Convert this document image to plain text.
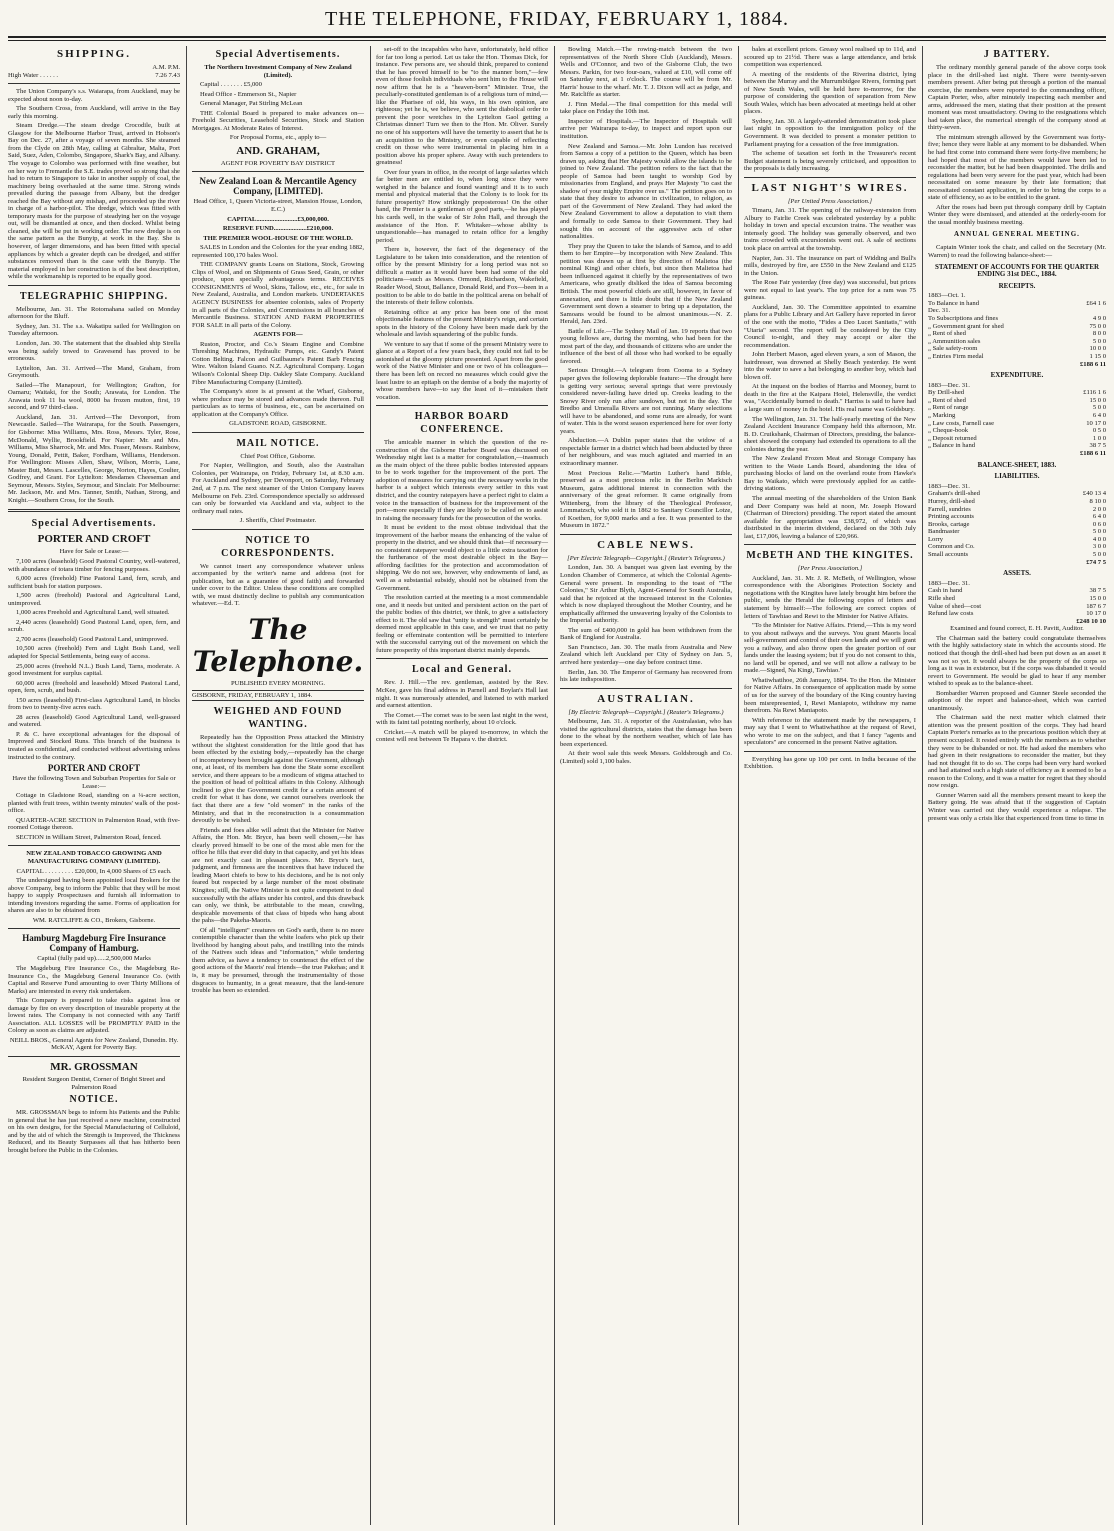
THE TELEPHONE, FRIDAY, FEBRUARY 1, 1884.
SHIPPING.
A.M. P.M.
High Water . . . . . .	7.26 7.43

The Union Company's s.s. Waiarapa, from Auckland, may be expected about noon to-day.

The Southern Cross, from Auckland, will arrive in the Bay early this morning.

Steam Dredge.—The steam dredge Crocodile, built at Glasgow for the Melbourne Harbor Trust, arrived in Hobson's Bay on Dec. 27, after a voyage of seven months. She steamed from the Clyde on 28th May, calling at Gibraltar, Malta, Port Said, Suez, Aden, Colombo, Singapore, Shark's Bay, and Albany. The voyage to Colombo was performed with fine weather, but on her way to Fremantle the S.E. trades proved so strong that she had to return to Singapore to take in another supply of coal, the machinery being overhauled at the same time. Strong winds prevailed during the passage from Albany, but the dredger reached the Bay without any mishap, and proceeded up the river in charge of a harbor-pilot. The dredge, which was fitted with temporary masts for the purpose of steadying her on the voyage out, will be dismantled at once, and then docked. Whilst being cleaned, she will be put in working order. The new dredge is on the same pattern as the Bunyip, at work in the Bay. She is however, of larger dimensions, and has been fitted with special appliances by which a greater depth can be dredged, and stiffer substances removed than is the case with the Bunyip. The material employed in her construction is of the best description, while the workmanship is reported to be equally good.

TELEGRAPHIC SHIPPING.

Melbourne, Jan. 31. The Rotomahana sailed on Monday afternoon for the Bluff.

Sydney, Jan. 31. The s.s. Wakatipu sailed for Wellington on Tuesday afternoon.

London, Jan. 30. The statement that the disabled ship Sirella was being safely towed to Gravesend has proved to be erroneous.

Lyttelton, Jan. 31. Arrived—The Mand, Graham, from Greymouth.

Sailed—The Manapouri, for Wellington; Grafton, for Oamaru; Waitaki, for the South; Arawata, for London. The Arawata took 11 ba wool, 8000 ba frozen mutton, first, 19 second, and 97 third-class.

Auckland, Jan. 31. Arrived—The Devonport, from Newcastle. Sailed—The Wairarapa, for the South. Passengers, for Gisborne: Miss Williams, Mrs. Ross, Messrs. Tyler, Rose, McDonald, Wyllie, Brookfield. For Napier: Mr. and Mrs. Williams, Miss Sharrock, Mr. and Mrs. Fraser, Messrs. Rainbow, Young, Donald, Pettit, Baker, Fordham, Williams, Henderson. For Wellington: Misses Allen, Shaw, Wilson, Morris, Lane, Master Butt, Messrs. Lascelles, George, Norton, Hayes, Coulter, Godfrey, and Grant. For Lyttelton: Mesdames Cheeseman and Seymour, Messrs. Styles, Seymour, and Sinclair. For Melbourne: Mr. Jackson, Mr. and Mrs. Tanner, Smith, Nathan, Strong, and Knight.—Southern Cross, for the South.

Special Advertisements.
PORTER AND CROFT

Have for Sale or Lease:—

7,100 acres (leasehold) Good Pastoral Country, well-watered, with abundance of totara timber for fencing purposes.

6,000 acres (freehold) Fine Pastoral Land, fern, scrub, and sufficient bush for station purposes.

1,500 acres (freehold) Pastoral and Agricultural Land, unimproved.

1,000 acres Freehold and Agricultural Land, well situated.

2,440 acres (leasehold) Good Pastoral Land, open, fern, and scrub.

2,700 acres (leasehold) Good Pastoral Land, unimproved.

10,500 acres (freehold) Fern and Light Bush Land, well adapted for Special Settlements, being easy of access.

25,000 acres (freehold N.L.) Bush Land, Tarns, moderate. A good investment for surplus capital.

60,000 acres (freehold and leasehold) Mixed Pastoral Land, open, fern, scrub, and bush.

150 acres (leasehold) First-class Agricultural Land, in blocks from two to twenty-five acres each.

28 acres (leasehold) Good Agricultural Land, well-grassed and watered.

P. & C. have exceptional advantages for the disposal of Improved and Stocked Runs. This branch of the business is treated as confidential, and conducted without advertising unless instructed to the contrary.

PORTER AND CROFT

Have the following Town and Suburban Properties for Sale or Lease:—

Cottage in Gladstone Road, standing on a ¼-acre section, planted with fruit trees, within twenty minutes' walk of the post-office.

QUARTER-ACRE SECTION in Palmerston Road, with five-roomed Cottage thereon.

SECTION in William Street, Palmerston Road, fenced.

NEW ZEALAND TOBACCO GROWING AND MANUFACTURING COMPANY (LIMITED).

CAPITAL . . . . . . . . . £20,000, In 4,000 Shares of £5 each.

The undersigned having been appointed local Brokers for the above Company, beg to inform the Public that they will be most happy to supply Prospectuses and furnish all information to intending investors regarding the same. Forms of application for shares are also to be obtained from

WM. RATCLIFFE & CO., Brokers, Gisborne.

Hamburg Magdeburg Fire Insurance Company of Hamburg.

Capital (fully paid up)......2,500,000 Marks

The Magdeburg Fire Insurance Co., the Magdeburg Re-Insurance Co., the Magdeburg General Insurance Co. (with Capital and Reserve Fund amounting to over Thirty Millions of Marks) are interested in every risk undertaken.

This Company is prepared to take risks against loss or damage by fire on every description of insurable property at the lowest rates. The Company is not connected with any Tariff Association. ALL LOSSES will be PROMPTLY PAID in the Colony as soon as claims are adjusted.

NEILL BROS., General Agents for New Zealand, Dunedin. Hy. McKAY, Agent for Poverty Bay.

MR. GROSSMAN

Resident Surgeon Dentist, Corner of Bright Street and Palmerston Road

NOTICE.

MR. GROSSMAN begs to inform his Patients and the Public in general that he has just received a new machine, constructed on his own designs, for the Special Manufacturing of Celluloid, and by the aid of which the Strength is Improved, the Thickness Reduced, and its Beauty Surpasses all that has hitherto been brought before the Public in the Colonies.

Special Advertisements.

The Northern Investment Company of New Zealand (Limited).

Capital . . . . . . . £5,000

Head Office - Emmerson St., Napier

General Manager, Pat Stirling McLean

THE Colonial Board is prepared to make advances on— Freehold Securities, Leasehold Securities, Stock and Station Mortgages. At Moderate Rates of Interest.

For Proposal Forms, etc., apply to—

AND. GRAHAM,

AGENT FOR POVERTY BAY DISTRICT

New Zealand Loan & Mercantile Agency Company, [LIMITED].

Head Office, 1, Queen Victoria-street, Mansion House, London, E.C.)

CAPITAL.........................£3,000,000.

RESERVE FUND....................£210,000.

THE PREMIER WOOL-HOUSE OF THE WORLD.

SALES in London and the Colonies for the year ending 1882, represented 100,170 bales Wool.

THE COMPANY grants Loans on Stations, Stock, Growing Clips of Wool, and on Shipments of Grass Seed, Grain, or other produce, upon specially advantageous terms. RECEIVES CONSIGNMENTS of Wool, Skins, Tallow, etc., etc., for sale in New Zealand, Australia, and London markets. UNDERTAKES AGENCY BUSINESS for absentee colonists, sales of Property in all parts of the Colonies, and Commissions in all branches of Mercantile Business. STATION AND FARM PROPERTIES FOR SALE in all parts of the Colony.

AGENTS FOR—

Ruston, Proctor, and Co.'s Steam Engine and Combine Threshing Machines, Hydraulic Pumps, etc. Gandy's Patent Cotton Belting. Falcon and Guilbaume's Patent Barb Fencing Wire. Walton Island Guano. N.Z. Agricultural Company. Logan Wilson's Colonial Sheep Dip. Oakley Slate Company. Auckland Fibre Manufacturing Company (Limited).

The Company's store is at present at the Wharf, Gisborne, where produce may be stored and advances made thereon. Full particulars as to terms of business, etc., can be ascertained on application at the Company's Office.

GLADSTONE ROAD, GISBORNE.

MAIL NOTICE.

Chief Post Office, Gisborne.

For Napier, Wellington, and South, also the Australian Colonies, per Wairarapa, on Friday, February 1st, at 8.30 a.m. For Auckland and Sydney, per Devonport, on Saturday, February 2nd, at 7 p.m. The next steamer of the Union Company leaves Melbourne on Feb. 23rd. Correspondence specially so addressed can only be forwarded via Auckland and via, subject to the ordinary mail rates.

J. Sheriffs, Chief Postmaster.

NOTICE TO CORRESPONDENTS.

We cannot insert any correspondence whatever unless accompanied by the writer's name and address (not for publication, but as a guarantee of good faith) and forwarded under cover to the Editor. Unless these conditions are complied with, we must distinctly decline to publish any communication whatever.—Ed. T.

The Telephone.

PUBLISHED EVERY MORNING.

GISBORNE, FRIDAY, FEBRUARY 1, 1884.
WEIGHED AND FOUND WANTING.

Repeatedly has the Opposition Press attacked the Ministry without the slightest consideration for the little good that has been effected by the existing body,—repeatedly has the charge of incompetency been brought against the Government, although one, at least, of its members has done the State some excellent service, and there appears to be a modicum of stigma attached to the position of head of political affairs in this Colony. Although inclined to give the Government credit for a certain amount of credit for what it has done, we cannot ourselves overlook the fact that there are a few "old women" in the ranks of the Ministry, and that in the reconstruction is a consummation devoutly to be wished.

Friends and foes alike will admit that the Minister for Native Affairs, the Hon. Mr. Bryce, has been well chosen,—he has clearly proved himself to be one of the most able men for the office he fills that ever did duty in that capacity, and yet his ideas are not exactly cast in pleasant places. Mr. Bryce's tact, judgment, and firmness are the incentives that have induced the leading Maori chiefs to bow to his decisions, and he is not only feared but respected by a large number of the most obstinate Kingites; still, the Native Minister is not quite competent to deal successfully with the affairs under his control, and this drawback can only, we think, be attributable to the mean, crawling, despicable movements of that class of bipeds who hang about the pahs—the Pakeha-Maoris.

Of all "intelligent" creatures on God's earth, there is no more contemptible character than the white loafers who pick up their livelihood by hanging about pahs, and instilling into the minds of the Natives such ideas and "information," while tendering them advice, as have a tendency to counteract the effect of the good actions of the Maoris' real friends—the true Pakehas; and it is, it may be presumed, through the instrumentality of those disgraces to humanity, in a great measure, that the land-tenure trouble has been so extended.

set-off to the incapables who have, unfortunately, held office for far too long a period. Let us take the Hon. Thomas Dick, for instance. Few persons are, we should think, prepared to contend that he has proved himself to be "to the manner born,"—few even of those foolish individuals who sent him to the House will now affirm that he is a "heaven-born" Minister. True, the peculiarly-constituted gentleman is of a religious turn of mind,—like the Pharisee of old, his ways, in his own opinion, are righteous; yet he is, we believe, who sent the diabolical order to prevent the poor wretches in the Lyttelton Gaol getting a Christmas dinner! Turn we then to the Hon. Mr. Oliver. Surely no one of his supporters will have the temerity to assert that he is an acquisition to the Ministry, or even capable of reflecting credit on those who were instrumental in placing him in a position above his proper sphere. Away with such pretenders to greatness!

Over four years in office, in the receipt of large salaries which far better men are entitled to, when long since they were weighed in the balance and found wanting! and it is to such mental and physical material that the Colony is to look for its future prosperity? How strikingly preposterous! On the other hand, the Premier is a gentleman of good parts,—he has played his cards well, in the wake of Sir John Hall, and through the assistance of the Hon. F. Whitaker—whose ability is unquestionable—has managed to retain office for a lengthy period.

There is, however, the fact of the degeneracy of the Legislature to be taken into consideration, and the retention of office by the present Ministry for a long period was not so difficult a matter as it would have been had some of the old politicians—such as Messrs. Ormond, Richardson, Wakefield, Reader Wood, Stout, Ballance, Donald Reid, and Fox—been in a position to be able to do battle in the political arena on behalf of the interests of their fellow colonists.

Retaining office at any price has been one of the most objectionable features of the present Ministry's reign, and certain spots in the history of the Colony have been made dark by the wholesale and lavish squandering of the public funds.

We venture to say that if some of the present Ministry were to glance at a Report of a few years back, they could not fail to be astonished at the gloomy picture presented. Apart from the good work of the Native Minister and one or two of his colleagues—there has been left on record no measures which could give the least lustre to an epitaph on the demise of a body the majority of whose members have—to say the least of it—mistaken their vocation.

HARBOR BOARD CONFERENCE.

The amicable manner in which the question of the re-construction of the Gisborne Harbor Board was discussed on Wednesday night last is a matter for congratulation,—inasmuch as the main object of the three public bodies interested appears to be to work together for the improvement of the port. The adoption of measures for carrying out the necessary works in the harbor is a subject which interests every settler in this vast district, and the country ratepayers have a perfect right to claim a voice in the transaction of business for the improvement of the port—more especially if they are likely to be called on to assist in raising the necessary funds for the prosecution of the works.

It must be evident to the most obtuse individual that the improvement of the harbor means the enhancing of the value of property in the district, and we should think that—if necessary—no consistent ratepayer would object to a little extra taxation for the furtherance of the most desirable object in the Bay—affording facilities for the protection and accommodation of shipping. We do not see, however, why endowments of land, as well as a substantial subsidy, should not be obtained from the Government.

The resolution carried at the meeting is a most commendable one, and it needs but united and persistent action on the part of the public bodies of this district, we think, to give a satisfactory effect to it. The old saw that "unity is strength" must certainly be deemed most applicable in this case, and we trust that no petty feeling or effeminate contention will be permitted to interfere with the successful carrying out of the movement on which the future prosperity of this important district mainly depends.

Local and General.

Rev. J. Hill.—The rev. gentleman, assisted by the Rev. McKee, gave his final address in Parnell and Boylan's Hall last night. It was numerously attended, and listened to with marked and earnest attention.

The Comet.—The comet was to be seen last night in the west, with its faint tail pointing northerly, about 10 o'clock.

Cricket.—A match will be played to-morrow, in which the contest will rest between Te Hapara v. the district.

Bowling Match.—The rowing-match between the two representatives of the North Shore Club (Auckland), Messrs. Wells and O'Connor, and two of the Gisborne Club, the two Messrs. Parkin, for two four-oars, valued at £10, will come off on Saturday next, at 1 o'clock. The course will be from Mr. Harris' house to the wharf. Mr. T. J. Dixon will act as judge, and Mr. Ratcliffe as starter.

J. Finn Medal.—The final competition for this medal will take place on Friday the 10th inst.

Inspector of Hospitals.—The Inspector of Hospitals will arrive per Wairarapa to-day, to inspect and report upon our institution.

New Zealand and Samoa.—Mr. John Lundon has received from Samoa a copy of a petition to the Queen, which has been drawn up, asking that Her Majesty would allow the islands to be joined to New Zealand. The petition refers to the fact that the people of Samoa had been taught to worship God by missionaries from England, and prays Her Majesty "to cast the shadow of your mighty Empire over us." The petition goes on to state that they desire to advance in civilization, to religion, as part of the Government of New Zealand. They had asked the New Zealand Government to allow a deputation to visit them and formally to cede Samoa to their Government. They had sought this on account of the aggressive acts of other nationalities.

They pray the Queen to take the islands of Samoa, and to add them to her Empire—by incorporation with New Zealand. This petition was drawn up at first by direction of Malietoa (the nominal King) and other chiefs, but since then Malietoa had been influenced against it chiefly by the representatives of two Americans, who greatly disliked the idea of Samoa becoming British. The most powerful chiefs are still, however, in favor of annexation, and there is little doubt that if the New Zealand Government sent down a steamer to bring up a deputation, the Samoans would be found to be almost unanimous.—N. Z. Herald, Jan. 23rd.

Battle of Life.—The Sydney Mail of Jan. 19 reports that two young fellows are, during the morning, who had been for the most part of the day, and thousands of citizens who are under the influence of the best of all those who had worked to be equally favored.

Serious Drought.—A telegram from Cooma to a Sydney paper gives the following deplorable feature:—The drought here is getting very serious; several springs that were previously considered never-failing have dried up. Creeks leading to the Snowy River only run after sundown, but not in the day. The Bredbo and Umeralla Rivers are not running. Many selections will have to be abandoned, and some runs are already, for want of water. This is the worst season experienced here for over forty years.

Abduction.—A Dublin paper states that the widow of a respectable farmer in a district which had been abducted by three of her neighbours, and was much agitated and married in an extraordinary manner.

Most Precious Relic.—"Martin Luther's hand Bible, preserved as a most precious relic in the Berlin Markisch Museum, gains additional interest in connection with the anniversary of the great reformer. It came originally from Wittenberg, from the library of the Theological Professor, Lommatzsch, who sold it in 1862 to Sanitary Councillor Lotze, of Koethen, for 9,000 marks and a fee. It was presented to the Museum in 1872."

CABLE NEWS.
[Per Electric Telegraph—Copyright.] (Reuter's Telegrams.)

London, Jan. 30. A banquet was given last evening by the London Chamber of Commerce, at which the Colonial Agents-General were present. In responding to the toast of "The Colonies," Sir Arthur Blyth, Agent-General for South Australia, said that he rejoiced at the increased interest in the Colonies which is now displayed throughout the Mother Country, and he emphatically affirmed the unwavering loyalty of the Colonists to the Imperial authority.

The sum of £400,000 in gold has been withdrawn from the Bank of England for Australia.

San Francisco, Jan. 30. The mails from Australia and New Zealand which left Auckland per City of Sydney on Jan. 5, arrived here yesterday—one day before contract time.

Berlin, Jan. 30. The Emperor of Germany has recovered from his late indisposition.

AUSTRALIAN.
[By Electric Telegraph—Copyright.] (Reuter's Telegrams.)

Melbourne, Jan. 31. A reporter of the Australasian, who has visited the agricultural districts, states that the damage has been done to the wheat by the northern weather, which of late has been experienced.

At their wool sale this week Messrs. Goldsbrough and Co. (Limited) sold 1,100 bales.

bales at excellent prices. Greasy wool realised up to 11d, and scoured up to 21½d. There was a large attendance, and brisk competition was experienced.

A meeting of the residents of the Riverina district, lying between the Murray and the Murrumbidgee Rivers, forming part of New South Wales, will be held here to-morrow, for the purpose of considering the question of separation from New South Wales, which has been advocated at meetings held at other places.

Sydney, Jan. 30. A largely-attended demonstration took place last night in opposition to the immigration policy of the Government. It was decided to present a monster petition to Parliament praying for a cessation of the free immigration.

The scheme of taxation set forth in the Treasurer's recent Budget statement is being severely criticised, and opposition to the proposals is daily increasing.

LAST NIGHT'S WIRES.
[Per United Press Association.]

Timaru, Jan. 31. The opening of the railway-extension from Albury to Fairlie Creek was celebrated yesterday by a public holiday in town and special excursion trains. The weather was intensely good. The holiday was generally observed, and two trains crowded with excursionists went out. A sale of sections took place on arrival at the township.

Napier, Jan. 31. The insurance on part of Widding and Bull's mills, destroyed by fire, are £550 in the New Zealand and £125 in the Union.

The Rose Fair yesterday (free day) was successful, but prices were not equal to last year's. The top price for a ram was 75 guineas.

Auckland, Jan. 30. The Committee appointed to examine plans for a Public Library and Art Gallery have reported in favor of the one with the motto, "Fides a Deo Lucet Sanitatis," with "Utaria" second. The report will be considered by the City Council to-night, and they may accept or alter the recommendation.

John Herbert Mason, aged eleven years, a son of Mason, the hairdresser, was drowned at Shelly Beach yesterday. He went into the water to save a hat belonging to another boy, which had blown off.

At the inquest on the bodies of Harriss and Mooney, burnt to death in the fire at the Kaipara Hotel, Helensville, the verdict was, "Accidentally burned to death." Harriss is said to have had a large sum of money in the hotel. His real name was Goldsbury.

The Wellington, Jan. 31. The half-yearly meeting of the New Zealand Accident Insurance Company held this afternoon, Mr. B. D. Cruikshank, Chairman of Directors, presiding, the balance-sheet showed the company had extended its operations to all the colonies during the year.

The New Zealand Frozen Meat and Storage Company has written to the Waste Lands Board, abandoning the idea of purchasing blocks of land on the overland route from Hawke's Bay to Waikato, which were previously applied for as cattle-driving stations.

The annual meeting of the shareholders of the Union Bank and Deer Company was held at noon, Mr. Joseph Howard (Chairman of Directors) presiding. The report stated the amount available for appropriation was £38,972, of which was distributed in the interim dividend, declared on the 30th July last, £17,006, leaving a balance of £20,966.

McBETH AND THE KINGITES.
[Per Press Association.]

Auckland, Jan. 31. Mr. J. R. McBeth, of Wellington, whose correspondence with the Aborigines Protection Society and negotiations with the Kingites have lately brought him before the public, sends the Herald the following copies of letters and statement by himself:—The following are correct copies of letters of Tawhiao and Rewi to the Minister for Native Affairs.

"To the Minister for Native Affairs. Friend,—This is my word to you about railways and the surveys. You grant Maoris local self-government and control of their own lands and we will grant you a railway, and also throw open the greater portion of our lands under the leasing system; but if you do not consent to this, no land will be opened, and we will not allow a railway to be made.—Signed, Na Kingi, Tawhiao."

Whatiwhatihoe, 26th January, 1884. To the Hon. the Minister for Native Affairs. In consequence of application made by some of us for the survey of the boundary of the King country having been misrepresented, I, Rewi Maniapoto, withdraw my name therefrom. Na Rewi Maniapoto.

With reference to the statement made by the newspapers, I may say that I went to Whatiwhatihoe at the request of Rewi, who wrote to me on the subject, and that I fancy "agents and speculators" are concerned in the present Native agitation.

Everything has gone up 100 per cent. in India because of the Exhibition.

J BATTERY.

The ordinary monthly general parade of the above corps took place in the drill-shed last night. There were twenty-seven members present. After being put through a portion of the manual exercise, the members were reported to the commanding officer, Captain Porter, who, after minutely inspecting each member and arms, addressed the men, stating that their position at the present moment was most unsatisfactory. Owing to the resignations which had taken place, the numerical strength of the company stood at thirty-seven.

The minimum strength allowed by the Government was forty-five; hence they were liable at any moment to be disbanded. When he had first come into command there were forty-five members; he had hoped that most of the members would have been led to reconsider the matter, but he had been disappointed. The drills and regulations had been very severe for the past year, which had been necessitated on some measure by their late formation; that necessitated constant application, in order to bring the corps to a state of efficiency, so as to be entitled to the grant.

After the roses had been put through company drill by Captain Winter they were dismissed, and attended at the orderly-room for the usual monthly business meeting.

ANNUAL GENERAL MEETING.

Captain Winter took the chair, and called on the Secretary (Mr. Warren) to read the following balance-sheet:—

STATEMENT OF ACCOUNTS FOR THE QUARTER ENDING 31st DEC., 1884.
RECEIPTS.
1883—Oct. 1.	
To Balance in hand	£64 1 6
Dec. 31.	
To Subscriptions and fines	4 9 0
„ Government grant for shed	75 0 0
„ Rent of shed	8 0 0
„ Ammunition sales	5 0 0
„ Sale safety-room	10 0 0
„ Entries Firm medal	1 15 0
	£188 6 11
EXPENDITURE.
1883—Dec. 31.	
By Drill-shed	£116 1 6
„ Rent of shed	15 0 0
„ Rent of range	5 0 0
„ Marking	6 4 0
„ Law costs, Farnell case	10 17 0
„ Cheque-book	0 5 0
„ Deposit returned	1 0 0
„ Balance in hand	38 7 5
	£188 6 11
BALANCE-SHEET, 1883.
LIABILITIES.
1883—Dec. 31.	
Graham's drill-shed	£40 13 4
Hurrey, drill-shed	8 10 0
Farrell, sundries	2 0 0
Printing accounts	6 4 0
Brooks, cartage	0 6 0
Bandmaster	5 0 0
Lorry	4 0 0
Common and Co.	3 0 0
Small accounts	5 0 0
	£74 7 5
ASSETS.
1883—Dec. 31.	
Cash in hand	38 7 5
Rifle shed	15 0 0
Value of shed—cost	187 6 7
Refund law costs	10 17 0
	£248 10 10

Examined and found correct, E. H. Pavitt, Auditor.

The Chairman said the battery could congratulate themselves with the highly satisfactory state in which the accounts stood. He noticed that though the drill-shed had been put down as an asset it was not so yet. It would always be the property of the corps so long as it was in existence, but if the corps was disbanded it would revert to Government. He would be glad to hear if any member wished to speak as to the balance-sheet.

Bombardier Warren proposed and Gunner Steele seconded the adoption of the report and balance-sheet, which was carried unanimously.

The Chairman said the next matter which claimed their attention was the present position of the corps. They had heard Captain Porter's remarks as to the precarious position which they at present occupied. It rested entirely with the members as to whether they were to be disbanded or not. He had asked the members who had given in their resignations to reconsider the matter, but they had not thought fit to do so. The corps had been very hard worked and had attained such a high state of efficiency as it seemed to be a reason to the Colony, and it was a matter for regret that they should now resign.

Gunner Warren said all the members present meant to keep the Battery going. He was afraid that if the suggestion of Captain Winter was carried out they would experience a relapse. The present was only a crisis like that experienced from time to time in
